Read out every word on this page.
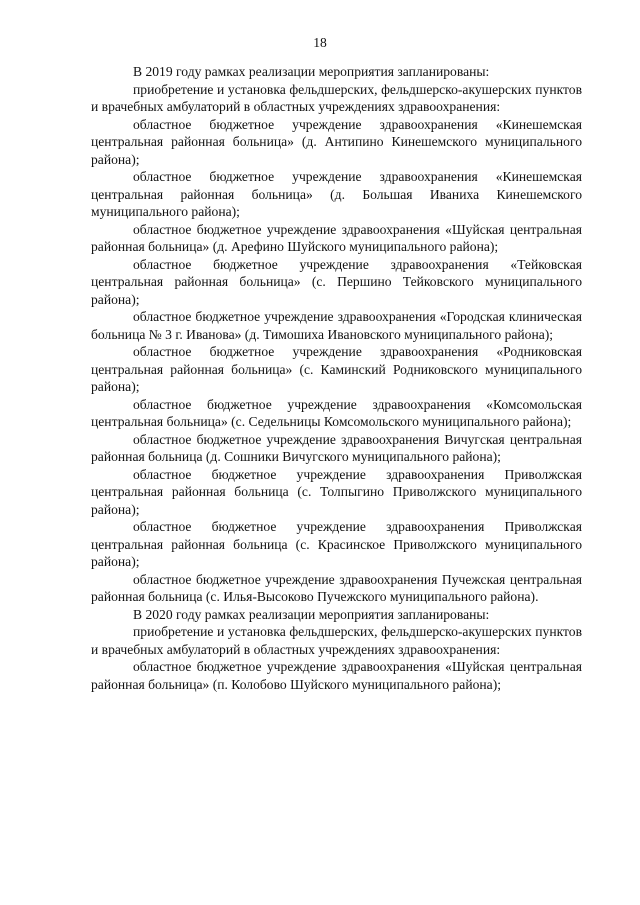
18

В 2019 году рамках реализации мероприятия запланированы:

приобретение и установка фельдшерских, фельдшерско-акушерских пунктов и врачебных амбулаторий в областных учреждениях здравоохранения:

областное бюджетное учреждение здравоохранения «Кинешемская центральная районная больница» (д. Антипино Кинешемского муниципального района);

областное бюджетное учреждение здравоохранения «Кинешемская центральная районная больница» (д. Большая Иваниха Кинешемского муниципального района);

областное бюджетное учреждение здравоохранения «Шуйская центральная районная больница» (д. Арефино Шуйского муниципального района);

областное бюджетное учреждение здравоохранения «Тейковская центральная районная больница» (с. Першино Тейковского муниципального района);

областное бюджетное учреждение здравоохранения «Городская клиническая больница № 3 г. Иванова» (д. Тимошиха Ивановского муниципального района);

областное бюджетное учреждение здравоохранения «Родниковская центральная районная больница» (с. Каминский Родниковского муниципального района);

областное бюджетное учреждение здравоохранения «Комсомольская центральная больница» (с. Седельницы Комсомольского муниципального района);

областное бюджетное учреждение здравоохранения Вичугская центральная районная больница (д. Сошники Вичугского муниципального района);

областное бюджетное учреждение здравоохранения Приволжская центральная районная больница (с. Толпыгино Приволжского муниципального района);

областное бюджетное учреждение здравоохранения Приволжская центральная районная больница (с. Красинское Приволжского муниципального района);

областное бюджетное учреждение здравоохранения Пучежская центральная районная больница (с. Илья-Высоково Пучежского муниципального района).

В 2020 году рамках реализации мероприятия запланированы:

приобретение и установка фельдшерских, фельдшерско-акушерских пунктов и врачебных амбулаторий в областных учреждениях здравоохранения:

областное бюджетное учреждение здравоохранения «Шуйская центральная районная больница» (п. Колобово Шуйского муниципального района);
